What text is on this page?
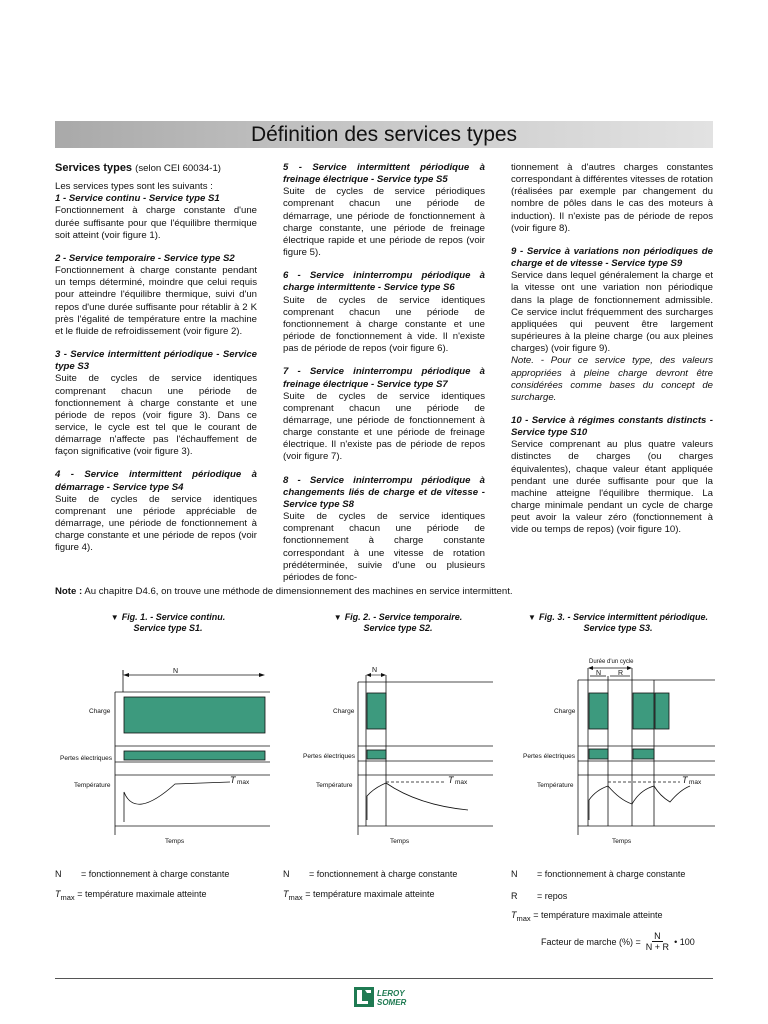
Définition des services types

Services types (selon CEI 60034-1)

Les services types sont les suivants :
1 - Service continu - Service type S1
Fonctionnement à charge constante d'une durée suffisante pour que l'équilibre thermique soit atteint (voir figure 1).

2 - Service temporaire - Service type S2
Fonctionnement à charge constante pendant un temps déterminé, moindre que celui requis pour atteindre l'équilibre thermique, suivi d'un repos d'une durée suffisante pour rétablir à 2 K près l'égalité de température entre la machine et le fluide de refroidissement (voir figure 2).

3 - Service intermittent périodique - Service type S3
Suite de cycles de service identiques comprenant chacun une période de fonctionnement à charge constante et une période de repos (voir figure 3). Dans ce service, le cycle est tel que le courant de démarrage n'affecte pas l'échauffement de façon significative (voir figure 3).

4 - Service intermittent périodique à démarrage - Service type S4
Suite de cycles de service identiques comprenant une période appréciable de démarrage, une période de fonctionnement à charge constante et une période de repos (voir figure 4).

5 - Service intermittent périodique à freinage électrique - Service type S5
Suite de cycles de service périodiques comprenant chacun une période de démarrage, une période de fonctionnement à charge constante, une période de freinage électrique rapide et une période de repos (voir figure 5).

6 - Service ininterrompu périodique à charge intermittente - Service type S6
Suite de cycles de service identiques comprenant chacun une période de fonctionnement à charge constante et une période de fonctionnement à vide. Il n'existe pas de période de repos (voir figure 6).

7 - Service ininterrompu périodique à freinage électrique - Service type S7
Suite de cycles de service identiques comprenant chacun une période de démarrage, une période de fonctionnement à charge constante et une période de freinage électrique. Il n'existe pas de période de repos (voir figure 7).

8 - Service ininterrompu périodique à changements liés de charge et de vitesse - Service type S8
Suite de cycles de service identiques comprenant chacun une période de fonctionnement à charge constante correspondant à une vitesse de rotation prédéterminée, suivie d'une ou plusieurs périodes de fonc-

tionnement à d'autres charges constantes correspondant à différentes vitesses de rotation (réalisées par exemple par changement du nombre de pôles dans le cas des moteurs à induction). Il n'existe pas de période de repos (voir figure 8).

9 - Service à variations non périodiques de charge et de vitesse - Service type S9
Service dans lequel généralement la charge et la vitesse ont une variation non périodique dans la plage de fonctionnement admissible. Ce service inclut fréquemment des surcharges appliquées qui peuvent être largement supérieures à la pleine charge (ou aux pleines charges) (voir figure 9).
Note. - Pour ce service type, des valeurs appropriées à pleine charge devront être considérées comme bases du concept de surcharge.

10 - Service à régimes constants distincts - Service type S10
Service comprenant au plus quatre valeurs distinctes de charges (ou charges équivalentes), chaque valeur étant appliquée pendant une durée suffisante pour que la machine atteigne l'équilibre thermique. La charge minimale pendant un cycle de charge peut avoir la valeur zéro (fonctionnement à vide ou temps de repos) (voir figure 10).

Note : Au chapitre D4.6, on trouve une méthode de dimensionnement des machines en service intermittent.
▼ Fig. 1. - Service continu.
Service type S1.
▼ Fig. 2. - Service temporaire.
Service type S2.
▼ Fig. 3. - Service intermittent périodique.
Service type S3.
N
Charge
Pertes électriques
Température
Temps
T max
N
Charge
Pertes électriques
Température
Temps
T max
Durée d'un cycle
N R
Charge
Pertes électriques
Température
Temps
T max
N = fonctionnement à charge constante
$T_{max}$ = température maximale atteinte
N = fonctionnement à charge constante
$T_{max}$ = température maximale atteinte
N = fonctionnement à charge constante
R = repos
$T_{max}$ = température maximale atteinte
Facteur de marche (%) = $\frac{N}{N + R}$ • 100
LEROY
SOMER
